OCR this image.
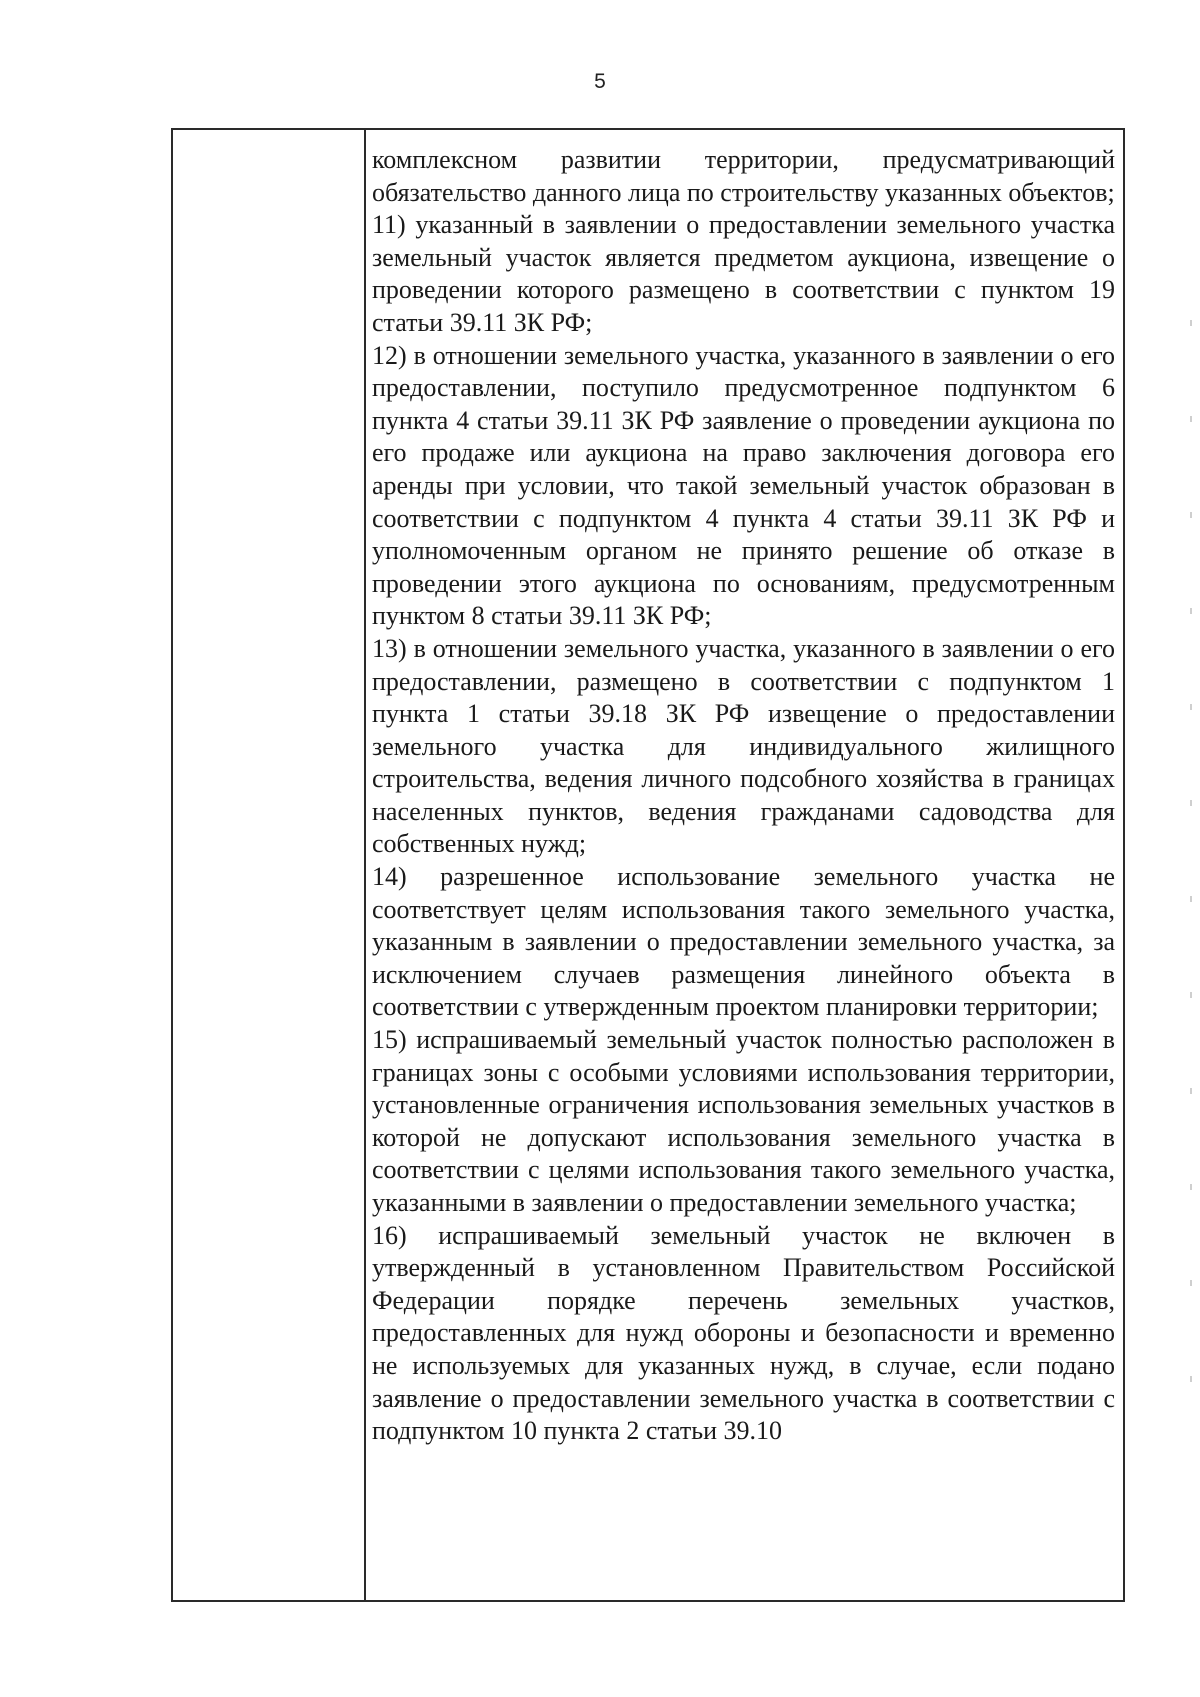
5

комплексном развитии территории, предусматривающий обязательство данного лица по строительству указанных объектов;

11) указанный в заявлении о предоставлении земельного участка земельный участок является предметом аукциона, извещение о проведении которого размещено в соответствии с пунктом 19 статьи 39.11 ЗК РФ;

12) в отношении земельного участка, указанного в заявлении о его предоставлении, поступило предусмотренное подпунктом 6 пункта 4 статьи 39.11 ЗК РФ заявление о проведении аукциона по его продаже или аукциона на право заключения договора его аренды при условии, что такой земельный участок образован в соответствии с подпунктом 4 пункта 4 статьи 39.11 ЗК РФ и уполномоченным органом не принято решение об отказе в проведении этого аукциона по основаниям, предусмотренным пунктом 8 статьи 39.11 ЗК РФ;

13) в отношении земельного участка, указанного в заявлении о его предоставлении, размещено в соответствии с подпунктом 1 пункта 1 статьи 39.18 ЗК РФ извещение о предоставлении земельного участка для индивидуального жилищного строительства, ведения личного подсобного хозяйства в границах населенных пунктов, ведения гражданами садоводства для собственных нужд;

14) разрешенное использование земельного участка не соответствует целям использования такого земельного участка, указанным в заявлении о предоставлении земельного участка, за исключением случаев размещения линейного объекта в соответствии с утвержденным проектом планировки территории;

15) испрашиваемый земельный участок полностью расположен в границах зоны с особыми условиями использования территории, установленные ограничения использования земельных участков в которой не допускают использования земельного участка в соответствии с целями использования такого земельного участка, указанными в заявлении о предоставлении земельного участка;

16) испрашиваемый земельный участок не включен в утвержденный в установленном Правительством Российской Федерации порядке перечень земельных участков, предоставленных для нужд обороны и безопасности и временно не используемых для указанных нужд, в случае, если подано заявление о предоставлении земельного участка в соответствии с подпунктом 10 пункта 2 статьи 39.10
